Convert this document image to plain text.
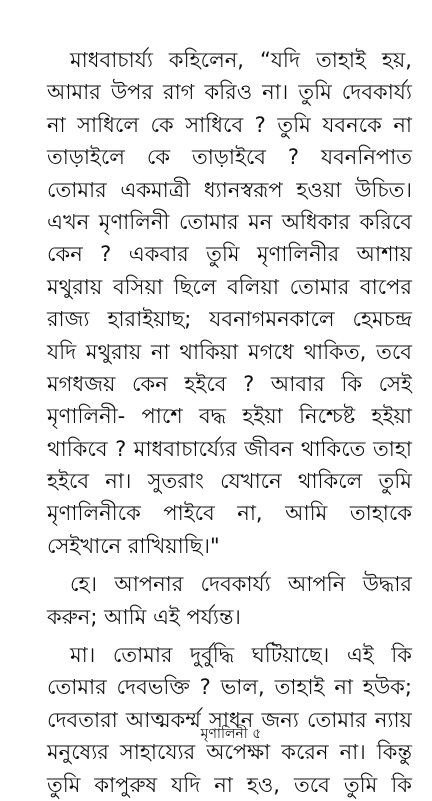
মাধবাচার্য্য কহিলেন, “যদি তাহাই হয়,
আমার উপর রাগ করিও না। তুমি দেবকার্য্য
না সাধিলে কে সাধিবে ? তুমি যবনকে না
তাড়াইলে কে তাড়াইবে ? যবননিপাত
তোমার একমাত্রী ধ্যানস্বরূপ হওয়া উচিত।
এখন মৃণালিনী তোমার মন অধিকার করিবে
কেন ? একবার তুমি মৃণালিনীর আশায়
মথুরায় বসিয়া ছিলে বলিয়া তোমার বাপের
রাজ্য হারাইয়াছ; যবনাগমনকালে হেমচন্দ্র
যদি মথুরায় না থাকিয়া মগধে থাকিত, তবে
মগধজয় কেন হইবে ? আবার কি সেই
মৃণালিনী- পাশে বদ্ধ হইয়া নিশ্চেষ্ট হইয়া
থাকিবে ? মাধবাচার্য্যের জীবন থাকিতে তাহা
হইবে না। সুতরাং যেখানে থাকিলে তুমি
মৃণালিনীকে পাইবে না, আমি তাহাকে
সেইখানে রাখিয়াছি।"
হে। আপনার দেবকার্য্য আপনি উদ্ধার
করুন; আমি এই পর্য্যন্ত।
মা। তোমার দুর্বুদ্ধি ঘটিয়াছে। এই কি
তোমার দেবভক্তি ? ভাল, তাহাই না হউক;
দেবতারা আত্মকর্ম্ম সাধন জন্য তোমার ন্যায়
মনুষ্যের সাহায্যের অপেক্ষা করেন না। কিন্তু
তুমি কাপুরুষ যদি না হও, তবে তুমি কি
মৃণালিনী ৫
